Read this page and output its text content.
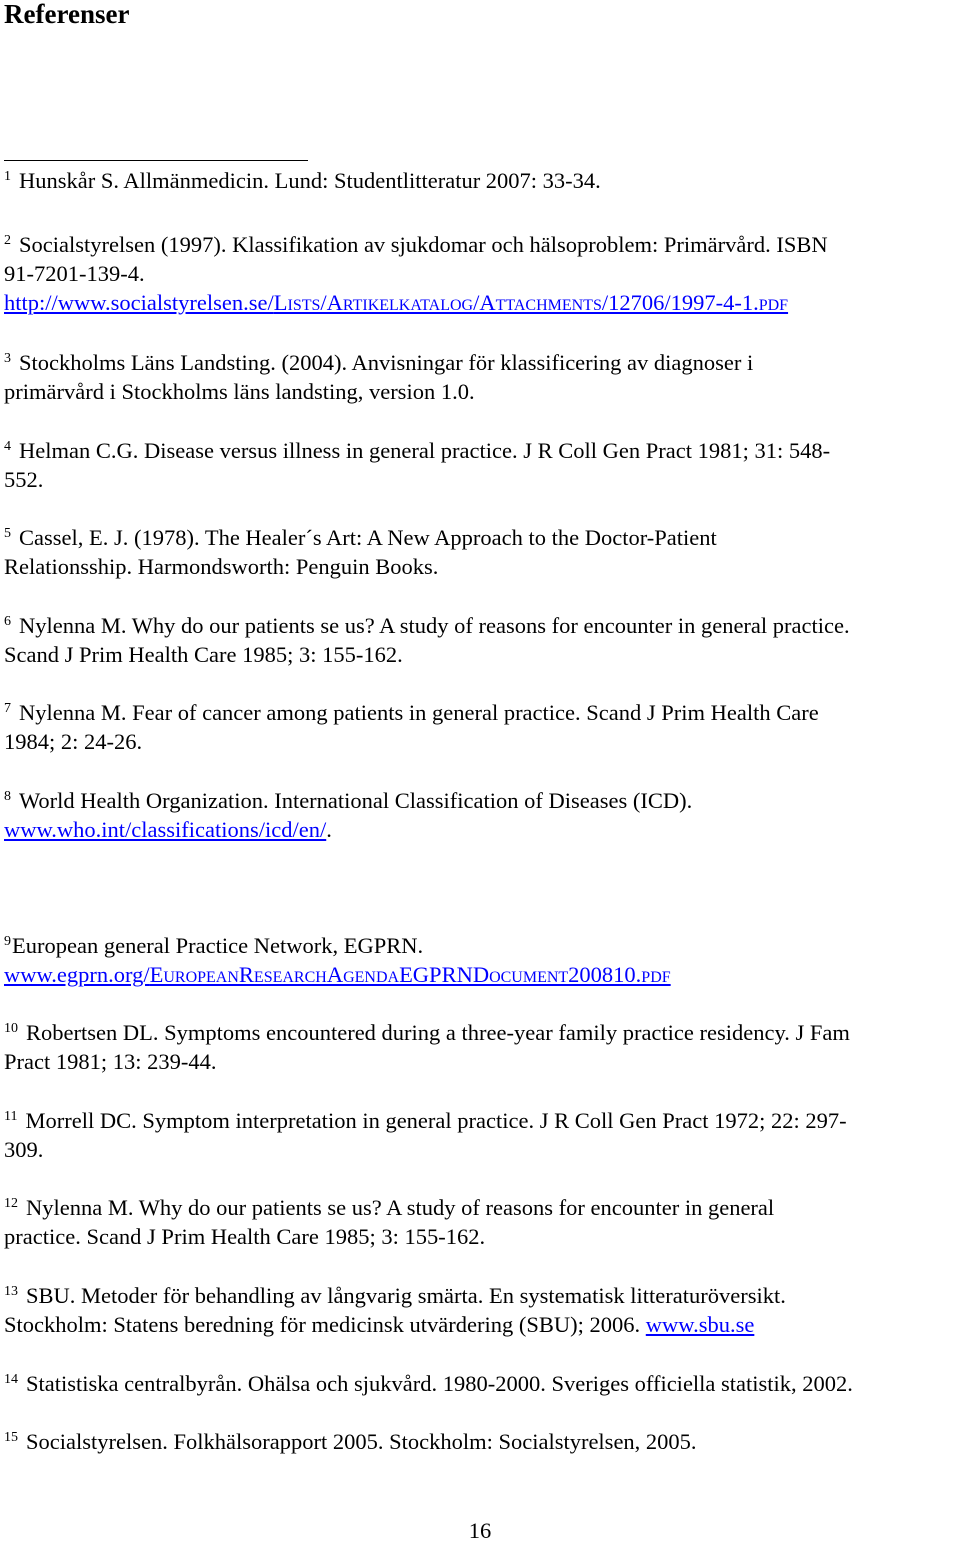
Referenser
$^1$ Hunskår S. Allmänmedicin. Lund: Studentlitteratur 2007: 33-34.
$^2$ Socialstyrelsen (1997). Klassifikation av sjukdomar och hälsoproblem: Primärvård. ISBN
91-7201-139-4.
http://www.socialstyrelsen.se/Lists/Artikelkatalog/Attachments/12706/1997-4-1.pdf
$^3$ Stockholms Läns Landsting. (2004). Anvisningar för klassificering av diagnoser i
primärvård i Stockholms läns landsting, version 1.0.
$^4$ Helman C.G. Disease versus illness in general practice. J R Coll Gen Pract 1981; 31: 548-
552.
$^5$ Cassel, E. J. (1978). The Healer´s Art: A New Approach to the Doctor-Patient
Relationsship. Harmondsworth: Penguin Books.
$^6$ Nylenna M. Why do our patients se us? A study of reasons for encounter in general practice.
Scand J Prim Health Care 1985; 3: 155-162.
$^7$ Nylenna M. Fear of cancer among patients in general practice. Scand J Prim Health Care
1984; 2: 24-26.
$^8$ World Health Organization. International Classification of Diseases (ICD).
www.who.int/classifications/icd/en/.
$^9$European general Practice Network, EGPRN.
www.egprn.org/EuropeanResearchAgendaEGPRNDocument200810.pdf
$^{10}$ Robertsen DL. Symptoms encountered during a three-year family practice residency. J Fam
Pract 1981; 13: 239-44.
$^{11}$ Morrell DC. Symptom interpretation in general practice. J R Coll Gen Pract 1972; 22: 297-
309.
$^{12}$ Nylenna M. Why do our patients se us? A study of reasons for encounter in general
practice. Scand J Prim Health Care 1985; 3: 155-162.
$^{13}$ SBU. Metoder för behandling av långvarig smärta. En systematisk litteraturöversikt.
Stockholm: Statens beredning för medicinsk utvärdering (SBU); 2006. www.sbu.se
$^{14}$ Statistiska centralbyrån. Ohälsa och sjukvård. 1980-2000. Sveriges officiella statistik, 2002.
$^{15}$ Socialstyrelsen. Folkhälsorapport 2005. Stockholm: Socialstyrelsen, 2005.
16
